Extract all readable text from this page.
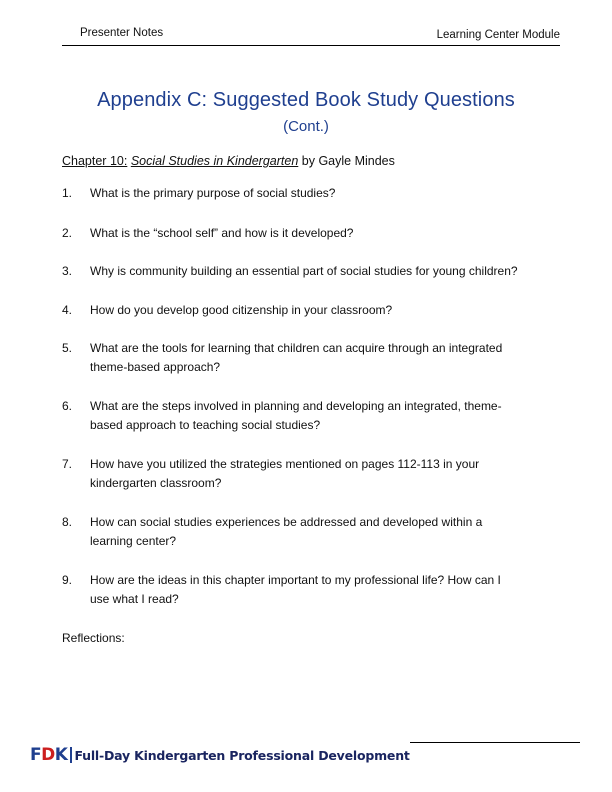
Presenter Notes	Learning Center Module
Appendix C: Suggested Book Study Questions
(Cont.)
Chapter 10: Social Studies in Kindergarten by Gayle Mindes
1. What is the primary purpose of social studies?
2. What is the “school self” and how is it developed?
3. Why is community building an essential part of social studies for young children?
4. How do you develop good citizenship in your classroom?
5. What are the tools for learning that children can acquire through an integrated
theme-based approach?
6. What are the steps involved in planning and developing an integrated, theme-
based approach to teaching social studies?
7. How have you utilized the strategies mentioned on pages 112-113 in your
kindergarten classroom?
8. How can social studies experiences be addressed and developed within a
learning center?
9. How are the ideas in this chapter important to my professional life? How can I
use what I read?
Reflections:
FDK Full-Day Kindergarten Professional Development
